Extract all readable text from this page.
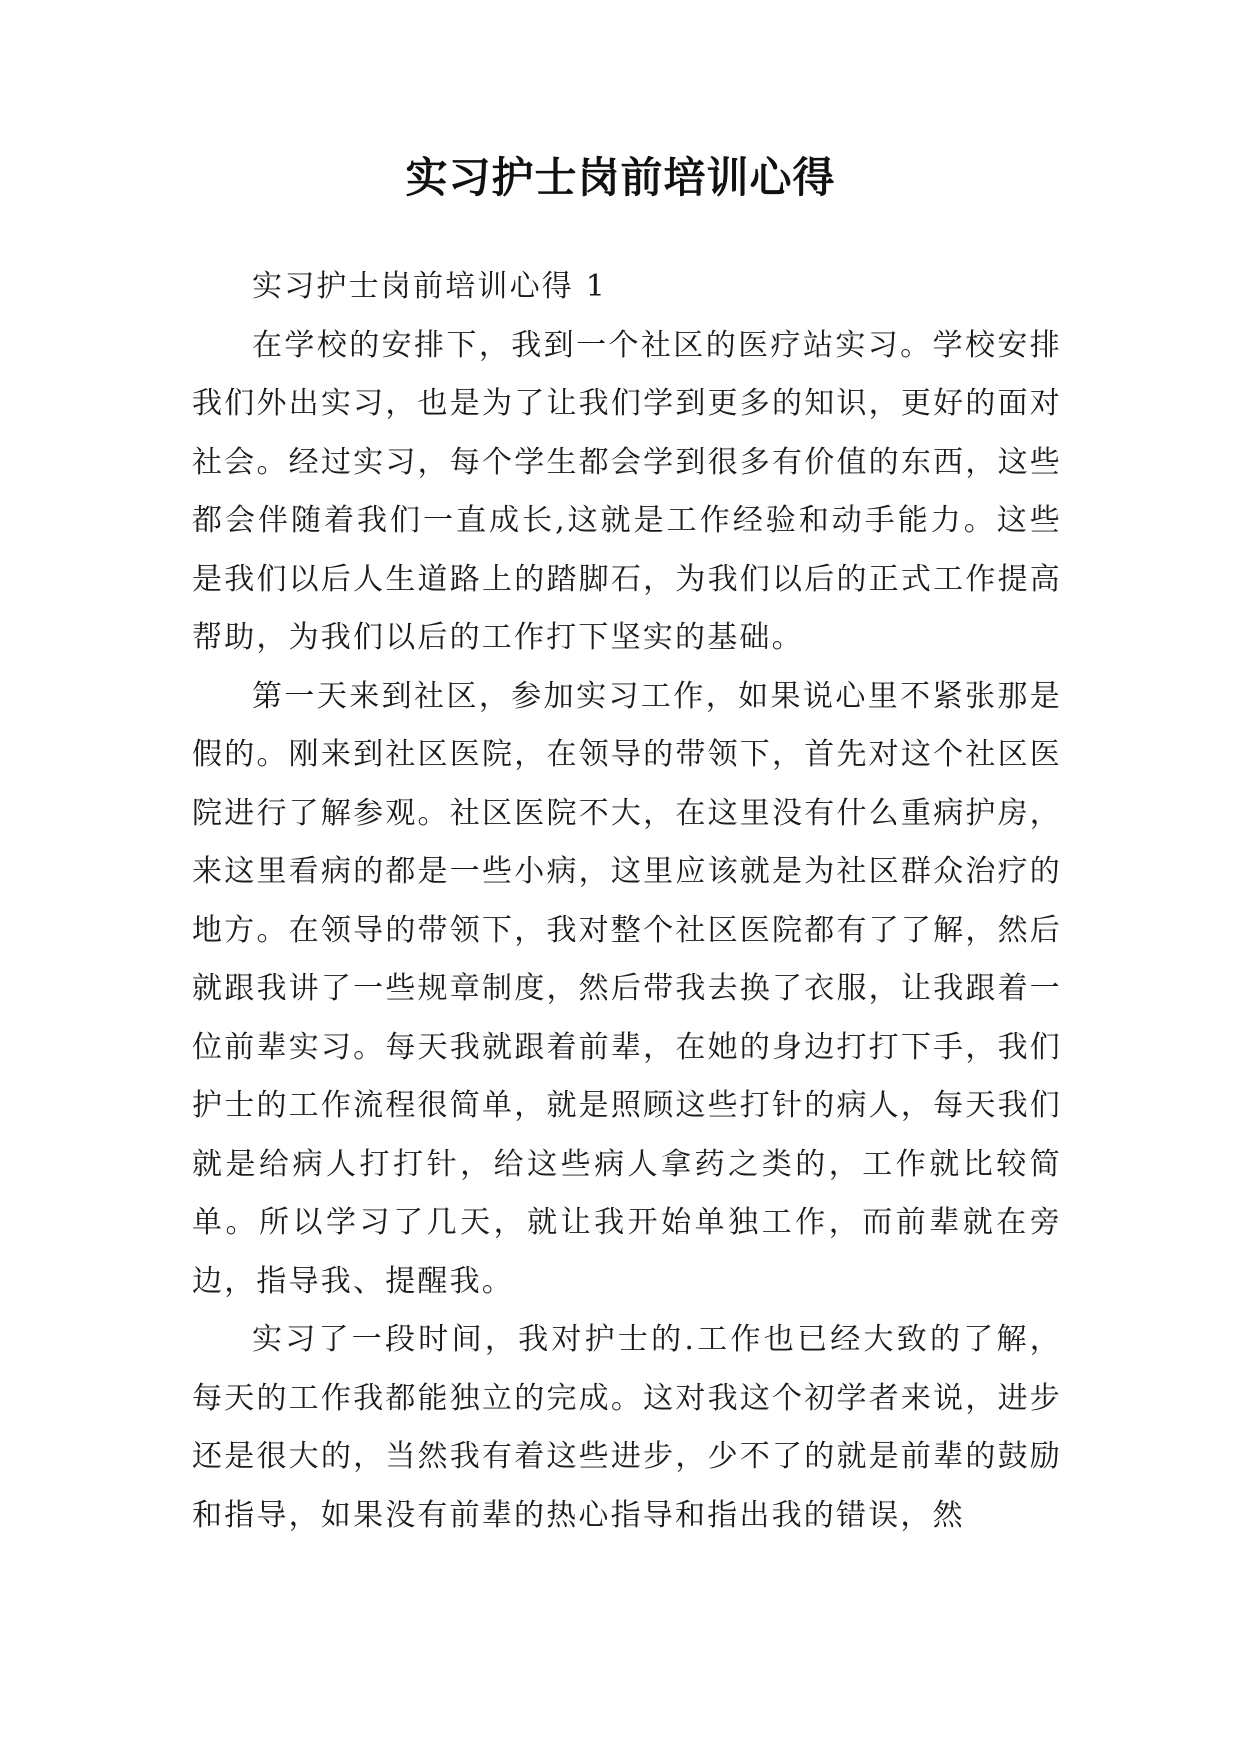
实习护士岗前培训心得

实习护士岗前培训心得 1

在学校的安排下，我到一个社区的医疗站实习。学校安排我们外出实习，也是为了让我们学到更多的知识，更好的面对社会。经过实习，每个学生都会学到很多有价值的东西，这些都会伴随着我们一直成长,这就是工作经验和动手能力。这些是我们以后人生道路上的踏脚石，为我们以后的正式工作提高帮助，为我们以后的工作打下坚实的基础。

第一天来到社区，参加实习工作，如果说心里不紧张那是假的。刚来到社区医院，在领导的带领下，首先对这个社区医院进行了解参观。社区医院不大，在这里没有什么重病护房，来这里看病的都是一些小病，这里应该就是为社区群众治疗的地方。在领导的带领下，我对整个社区医院都有了了解，然后就跟我讲了一些规章制度，然后带我去换了衣服，让我跟着一位前辈实习。每天我就跟着前辈，在她的身边打打下手，我们护士的工作流程很简单，就是照顾这些打针的病人，每天我们就是给病人打打针，给这些病人拿药之类的，工作就比较简单。所以学习了几天，就让我开始单独工作，而前辈就在旁边，指导我、提醒我。

实习了一段时间，我对护士的.工作也已经大致的了解，每天的工作我都能独立的完成。这对我这个初学者来说，进步还是很大的，当然我有着这些进步，少不了的就是前辈的鼓励和指导，如果没有前辈的热心指导和指出我的错误，然
